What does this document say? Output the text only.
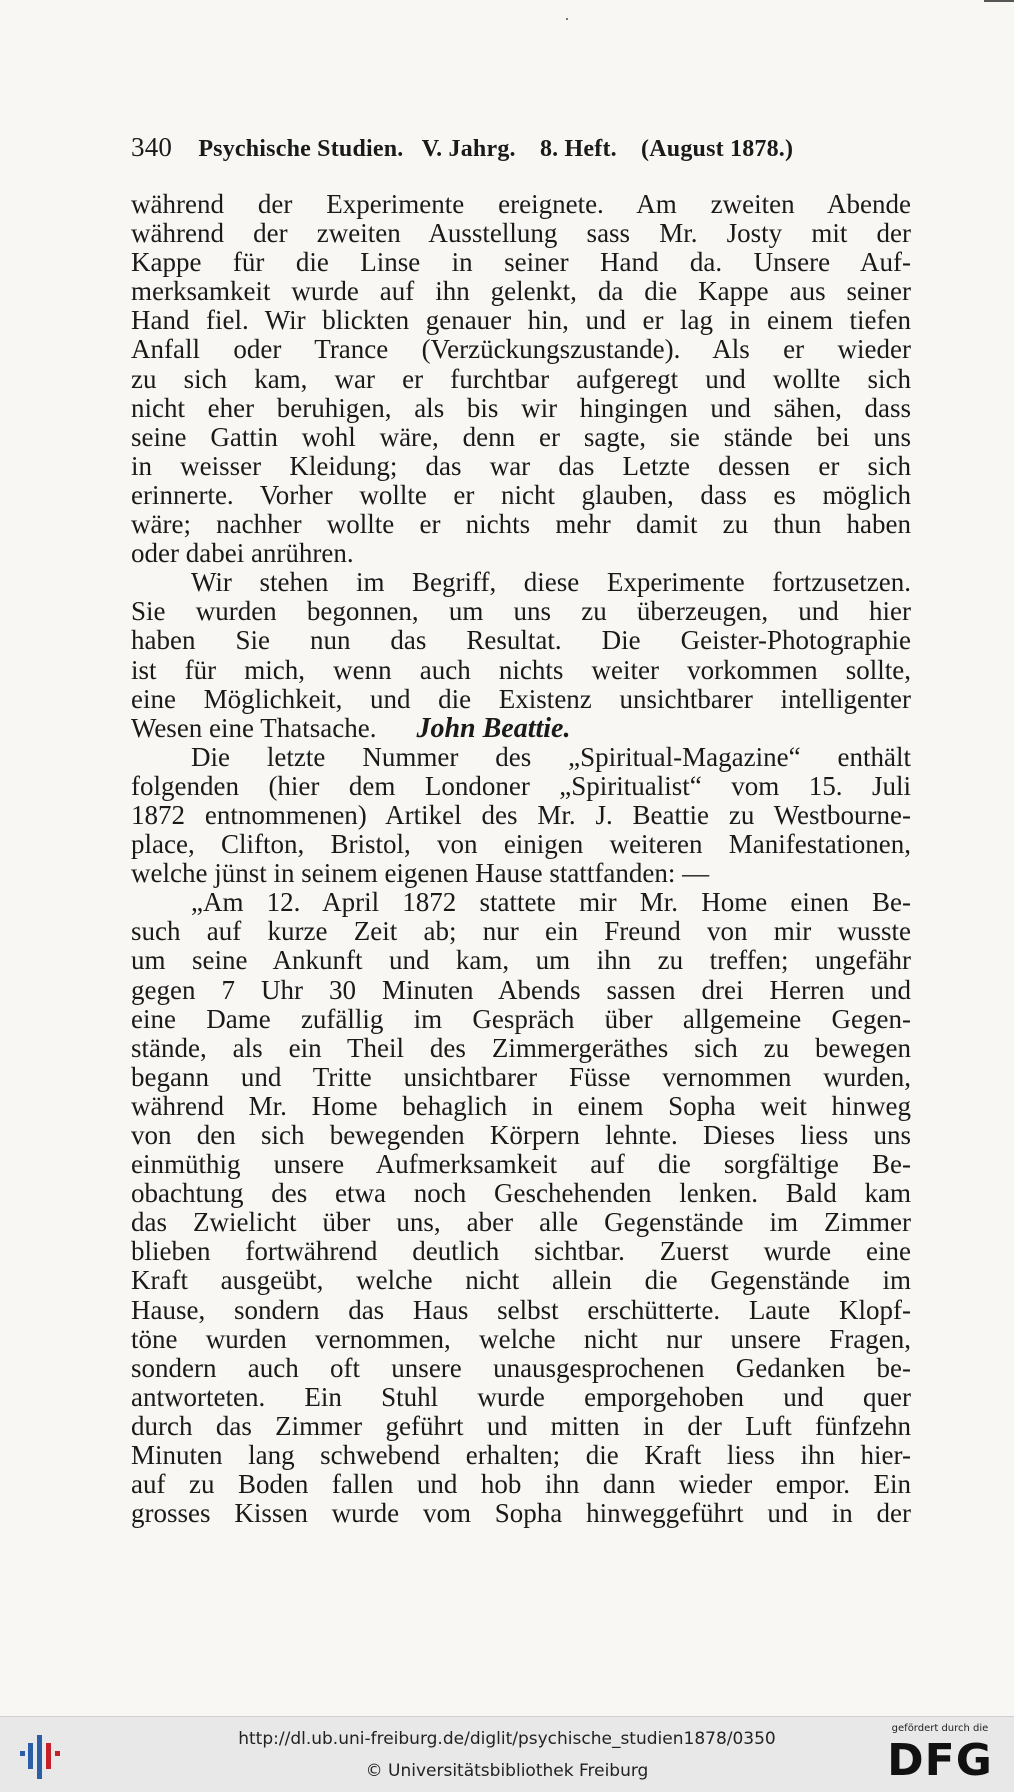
340 Psychische Studien. V. Jahrg. 8. Heft. (August 1878.)
während der Experimente ereignete. Am zweiten Abende
während der zweiten Ausstellung sass Mr. Josty mit der
Kappe für die Linse in seiner Hand da. Unsere Auf-
merksamkeit wurde auf ihn gelenkt, da die Kappe aus seiner
Hand fiel. Wir blickten genauer hin, und er lag in einem tiefen
Anfall oder Trance (Verzückungszustande). Als er wieder
zu sich kam, war er furchtbar aufgeregt und wollte sich
nicht eher beruhigen, als bis wir hingingen und sähen, dass
seine Gattin wohl wäre, denn er sagte, sie stände bei uns
in weisser Kleidung; das war das Letzte dessen er sich
erinnerte. Vorher wollte er nicht glauben, dass es möglich
wäre; nachher wollte er nichts mehr damit zu thun haben
oder dabei anrühren.
Wir stehen im Begriff, diese Experimente fortzusetzen.
Sie wurden begonnen, um uns zu überzeugen, und hier
haben Sie nun das Resultat. Die Geister-Photographie
ist für mich, wenn auch nichts weiter vorkommen sollte,
eine Möglichkeit, und die Existenz unsichtbarer intelligenter
Wesen eine Thatsache. John Beattie.
Die letzte Nummer des „Spiritual-Magazine“ enthält
folgenden (hier dem Londoner „Spiritualist“ vom 15. Juli
1872 entnommenen) Artikel des Mr. J. Beattie zu Westbourne-
place, Clifton, Bristol, von einigen weiteren Manifestationen,
welche jünst in seinem eigenen Hause stattfanden: —
„Am 12. April 1872 stattete mir Mr. Home einen Be-
such auf kurze Zeit ab; nur ein Freund von mir wusste
um seine Ankunft und kam, um ihn zu treffen; ungefähr
gegen 7 Uhr 30 Minuten Abends sassen drei Herren und
eine Dame zufällig im Gespräch über allgemeine Gegen-
stände, als ein Theil des Zimmergeräthes sich zu bewegen
begann und Tritte unsichtbarer Füsse vernommen wurden,
während Mr. Home behaglich in einem Sopha weit hinweg
von den sich bewegenden Körpern lehnte. Dieses liess uns
einmüthig unsere Aufmerksamkeit auf die sorgfältige Be-
obachtung des etwa noch Geschehenden lenken. Bald kam
das Zwielicht über uns, aber alle Gegenstände im Zimmer
blieben fortwährend deutlich sichtbar. Zuerst wurde eine
Kraft ausgeübt, welche nicht allein die Gegenstände im
Hause, sondern das Haus selbst erschütterte. Laute Klopf-
töne wurden vernommen, welche nicht nur unsere Fragen,
sondern auch oft unsere unausgesprochenen Gedanken be-
antworteten. Ein Stuhl wurde emporgehoben und quer
durch das Zimmer geführt und mitten in der Luft fünfzehn
Minuten lang schwebend erhalten; die Kraft liess ihn hier-
auf zu Boden fallen und hob ihn dann wieder empor. Ein
grosses Kissen wurde vom Sopha hinweggeführt und in der
http://dl.ub.uni-freiburg.de/diglit/psychische_studien1878/0350
© Universitätsbibliothek Freiburg
gefördert durch die
DFG
